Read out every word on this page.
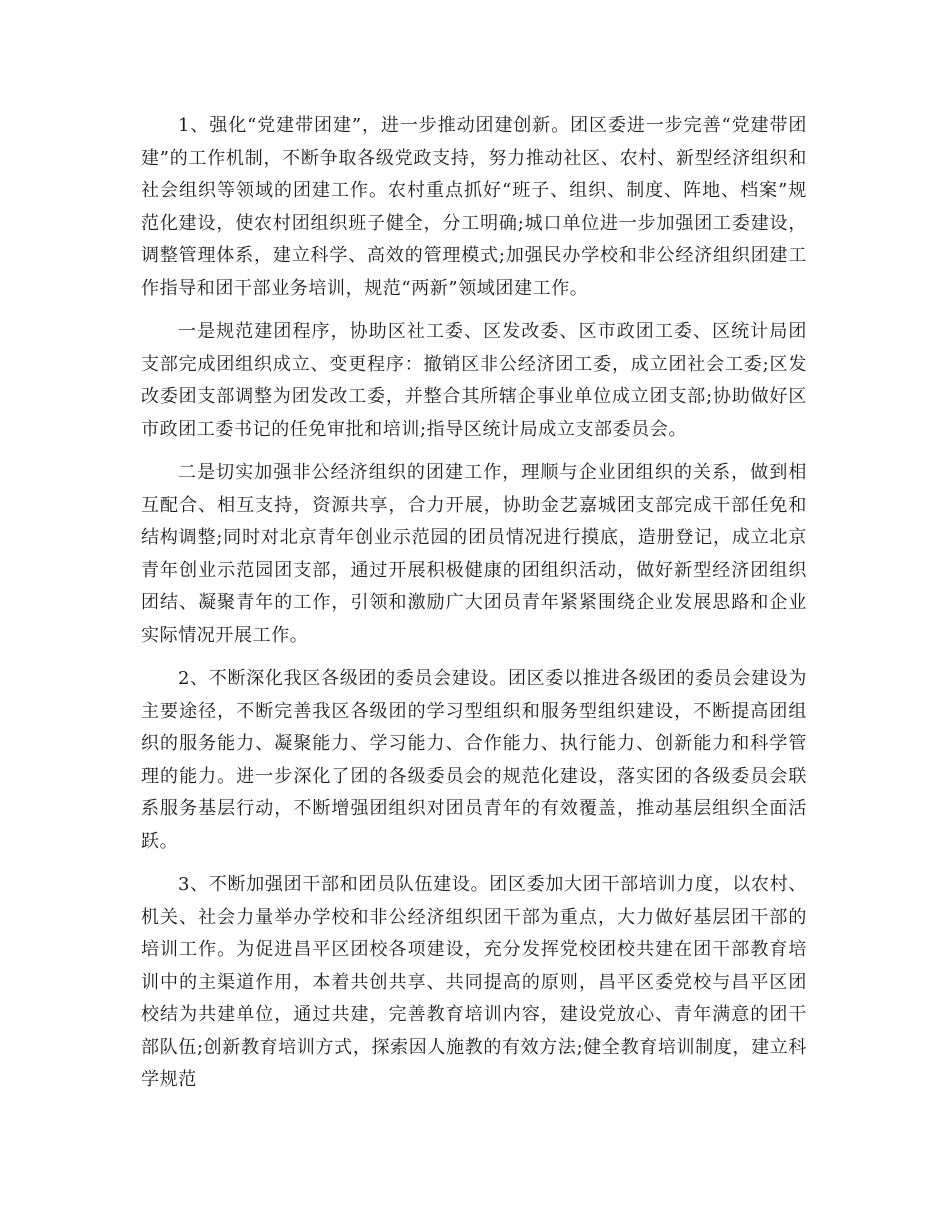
1、强化“党建带团建”，进一步推动团建创新。团区委进一步完善“党建带团建”的工作机制，不断争取各级党政支持，努力推动社区、农村、新型经济组织和社会组织等领域的团建工作。农村重点抓好“班子、组织、制度、阵地、档案”规范化建设，使农村团组织班子健全，分工明确;城口单位进一步加强团工委建设，调整管理体系，建立科学、高效的管理模式;加强民办学校和非公经济组织团建工作指导和团干部业务培训，规范“两新”领域团建工作。

一是规范建团程序，协助区社工委、区发改委、区市政团工委、区统计局团支部完成团组织成立、变更程序：撤销区非公经济团工委，成立团社会工委;区发改委团支部调整为团发改工委，并整合其所辖企事业单位成立团支部;协助做好区市政团工委书记的任免审批和培训;指导区统计局成立支部委员会。

二是切实加强非公经济组织的团建工作，理顺与企业团组织的关系，做到相互配合、相互支持，资源共享，合力开展，协助金艺嘉城团支部完成干部任免和结构调整;同时对北京青年创业示范园的团员情况进行摸底，造册登记，成立北京青年创业示范园团支部，通过开展积极健康的团组织活动，做好新型经济团组织团结、凝聚青年的工作，引领和激励广大团员青年紧紧围绕企业发展思路和企业实际情况开展工作。

2、不断深化我区各级团的委员会建设。团区委以推进各级团的委员会建设为主要途径，不断完善我区各级团的学习型组织和服务型组织建设，不断提高团组织的服务能力、凝聚能力、学习能力、合作能力、执行能力、创新能力和科学管理的能力。进一步深化了团的各级委员会的规范化建设，落实团的各级委员会联系服务基层行动，不断增强团组织对团员青年的有效覆盖，推动基层组织全面活跃。

3、不断加强团干部和团员队伍建设。团区委加大团干部培训力度，以农村、机关、社会力量举办学校和非公经济组织团干部为重点，大力做好基层团干部的培训工作。为促进昌平区团校各项建设，充分发挥党校团校共建在团干部教育培训中的主渠道作用，本着共创共享、共同提高的原则，昌平区委党校与昌平区团校结为共建单位，通过共建，完善教育培训内容，建设党放心、青年满意的团干部队伍;创新教育培训方式，探索因人施教的有效方法;健全教育培训制度，建立科学规范
